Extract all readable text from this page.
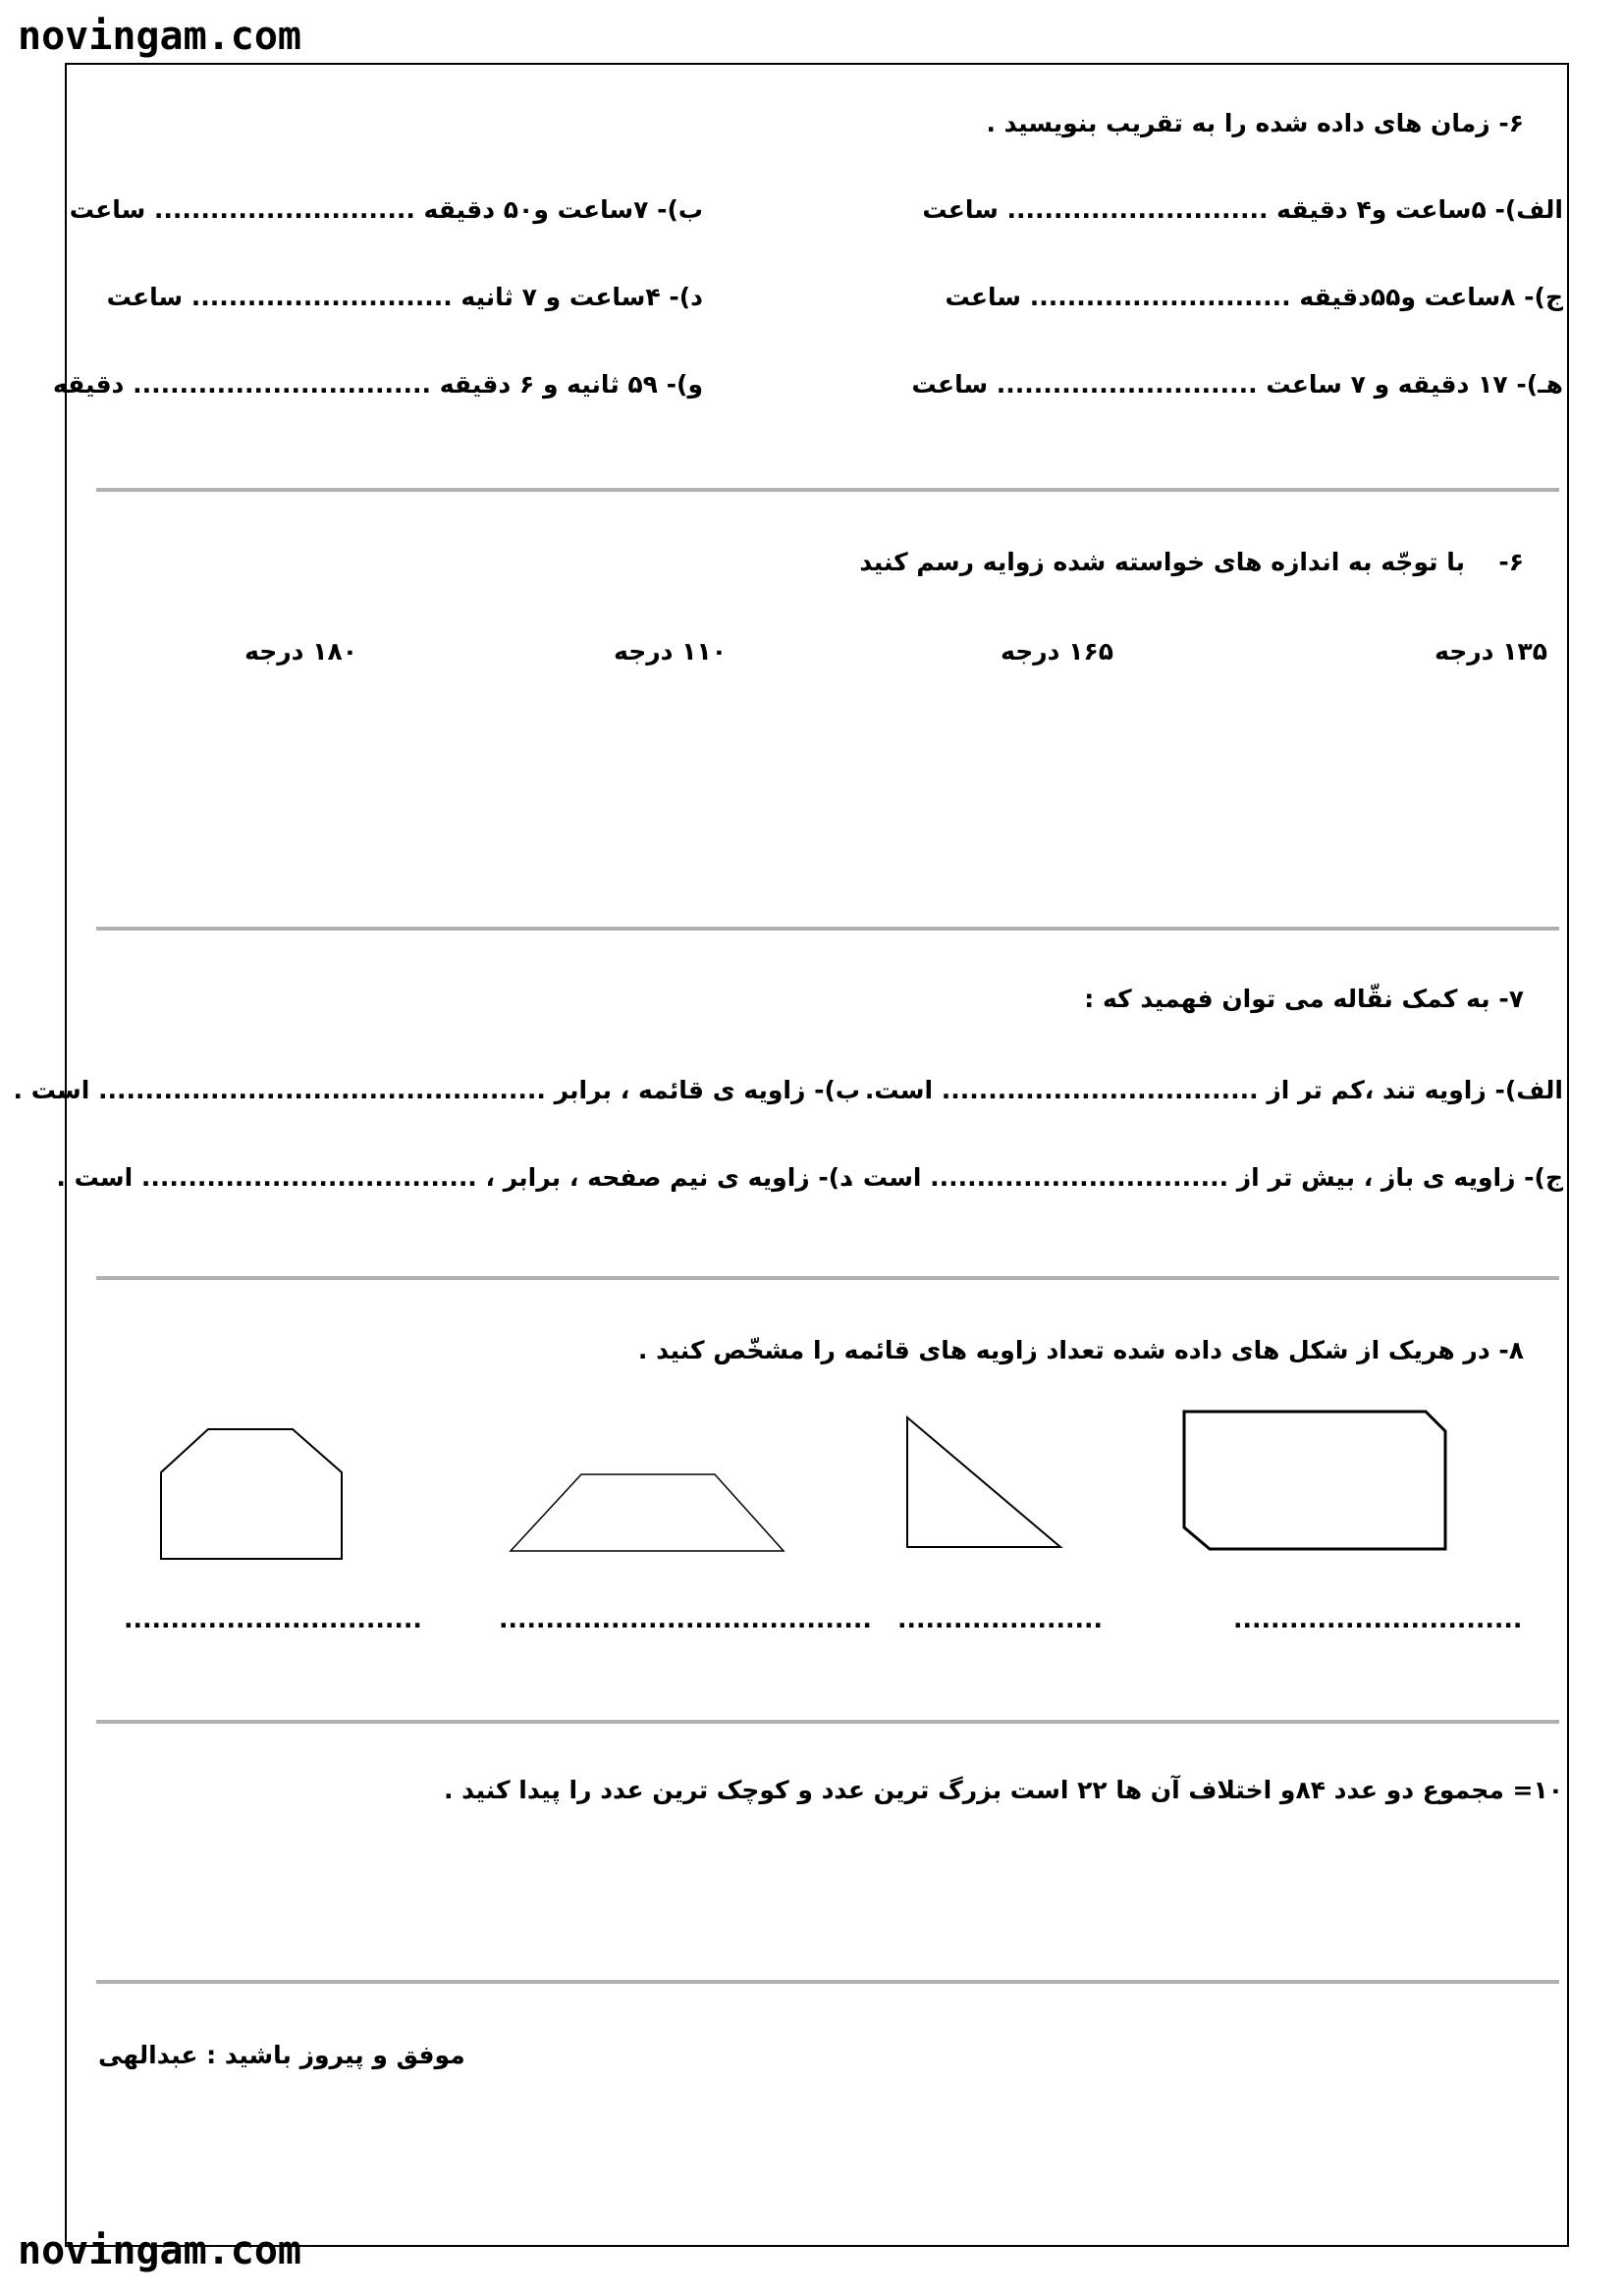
novingam.com
۶- زمان های داده شده را به تقریب بنویسید .
الف)- ۵ساعت و۴ دقیقه ............................ ساعت
ب)- ۷ساعت و۵۰ دقیقه ............................ ساعت
ج)- ۸ساعت و۵۵دقیقه ............................ ساعت
د)- ۴ساعت و ۷ ثانیه ............................ ساعت
هـ)- ۱۷ دقیقه و ۷ ساعت ............................ ساعت
و)- ۵۹ ثانیه و ۶ دقیقه ................................ دقیقه
۶-
با توجّه به اندازه های خواسته شده زوایه رسم کنید
۱۳۵ درجه
۱۶۵ درجه
۱۱۰ درجه
۱۸۰ درجه
۷- به کمک نقّاله می توان فهمید که :
الف)- زاویه تند ،کم تر از .................................. است.
ب)- زاویه ی قائمه ، برابر ................................................ است .
ج)- زاویه ی باز ، بیش تر از ................................ است .
د)- زاویه ی نیم صفحه ، برابر ، .................................... است .
۸- در هریک از شکل های داده شده تعداد زاویه های قائمه را مشخّص کنید .
...............................
......................
........................................
................................
۱۰= مجموع دو عدد ۸۴و اختلاف آن ها ۲۲ است بزرگ ترین عدد و کوچک ترین عدد را پیدا کنید .
موفق و پیروز باشید : عبدالهی
novingam.com
